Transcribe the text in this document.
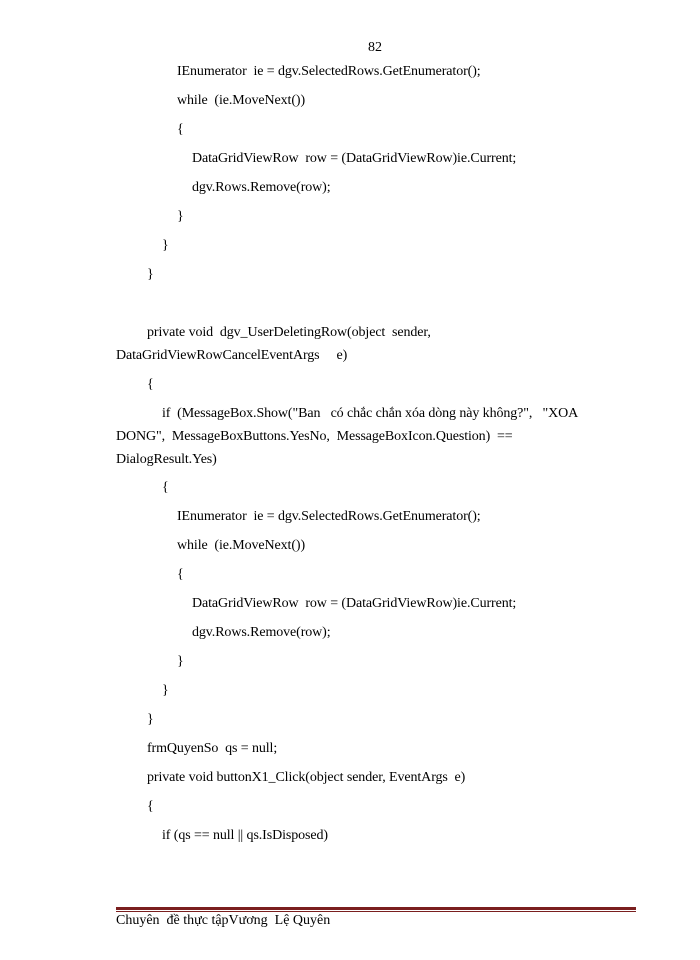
82
IEnumerator  ie = dgv.SelectedRows.GetEnumerator();
while  (ie.MoveNext())
{
DataGridViewRow  row = (DataGridViewRow)ie.Current;
dgv.Rows.Remove(row);
}
}
}
private void  dgv_UserDeletingRow(object  sender,
DataGridViewRowCancelEventArgs     e)
{
if  (MessageBox.Show("Ban   có chắc chắn xóa dòng này không?",   "XOA
DONG",  MessageBoxButtons.YesNo,  MessageBoxIcon.Question)  ==
DialogResult.Yes)
{
IEnumerator  ie = dgv.SelectedRows.GetEnumerator();
while  (ie.MoveNext())
{
DataGridViewRow  row = (DataGridViewRow)ie.Current;
dgv.Rows.Remove(row);
}
}
}
frmQuyenSo  qs = null;
private void buttonX1_Click(object sender, EventArgs  e)
{
if (qs == null || qs.IsDisposed)
Chuyên  đề thực tậpVương  Lệ Quyên
